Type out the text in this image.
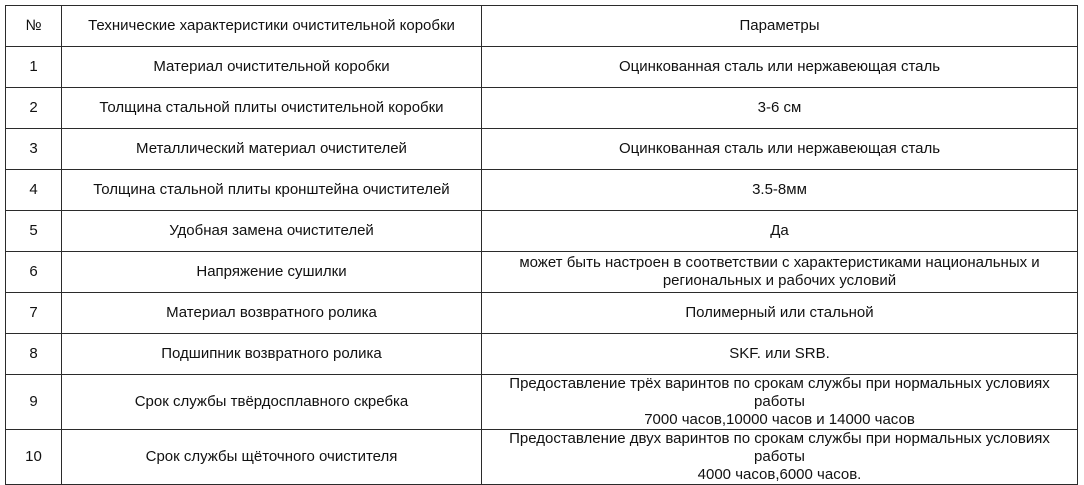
№	Технические характеристики очистительной коробки	Параметры
1	Материал очистительной коробки	Оцинкованная сталь или нержавеющая сталь
2	Толщина стальной плиты очистительной коробки	3-6 см
3	Металлический материал очистителей	Оцинкованная сталь или нержавеющая сталь
4	Толщина стальной плиты кронштейна очистителей	3.5-8мм
5	Удобная замена очистителей	Да
6	Напряжение сушилки	может быть настроен в соответствии с характеристиками национальных и
региональных и рабочих условий

7	Материал возвратного ролика	Полимерный или стальной
8	Подшипник возвратного ролика	SKF. или SRB.
9	Срок службы твёрдосплавного скребка	Предоставление трёх варинтов по срокам службы при нормальных условиях работы
7000 часов,10000 часов и 14000 часов

10	Срок службы щёточного очистителя	Предоставление двух варинтов по срокам службы при нормальных условиях работы
4000 часов,6000 часов.
